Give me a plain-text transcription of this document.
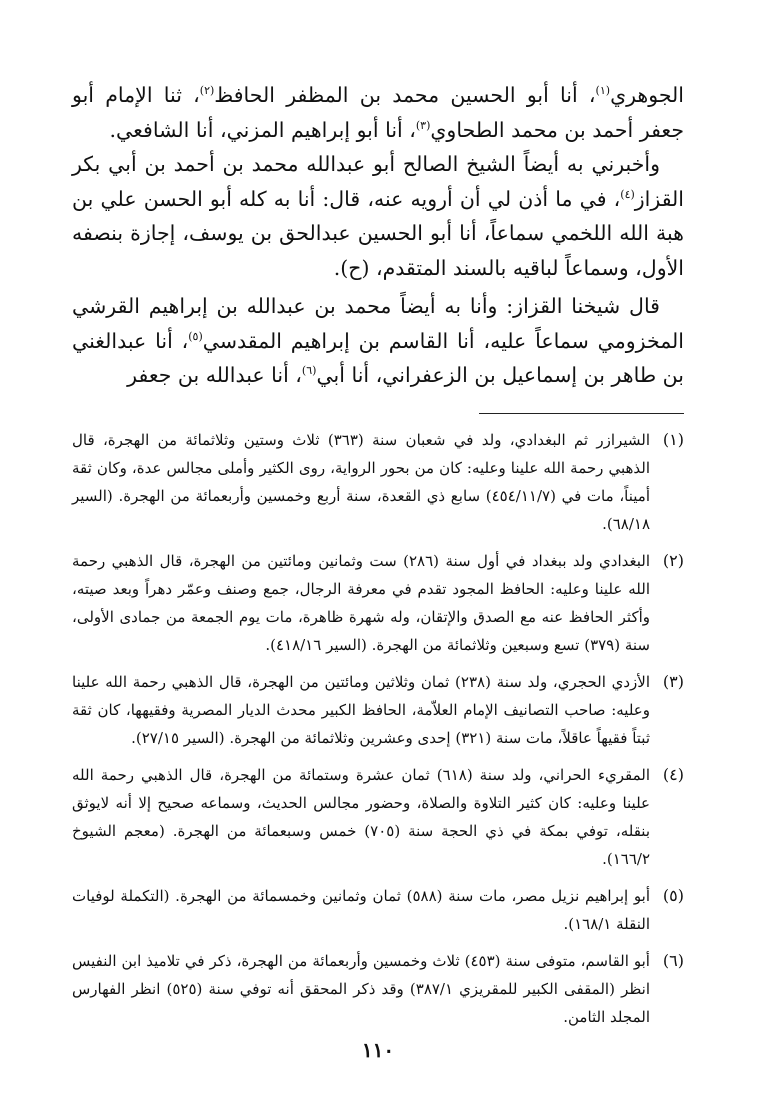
الجوهري$^{(١)}$، أنا أبو الحسين محمد بن المظفر الحافظ$^{(٢)}$، ثنا الإمام أبو جعفر أحمد بن محمد الطحاوي$^{(٣)}$، أنا أبو إبراهيم المزني، أنا الشافعي.

وأخبرني به أيضاً الشيخ الصالح أبو عبدالله محمد بن أحمد بن أبي بكر القزاز$^{(٤)}$، في ما أذن لي أن أرويه عنه، قال: أنا به كله أبو الحسن علي بن هبة الله اللخمي سماعاً، أنا أبو الحسين عبدالحق بن يوسف، إجازة بنصفه الأول، وسماعاً لباقيه بالسند المتقدم، (ح).

قال شيخنا القزاز: وأنا به أيضاً محمد بن عبدالله بن إبراهيم القرشي المخزومي سماعاً عليه، أنا القاسم بن إبراهيم المقدسي$^{(٥)}$، أنا عبدالغني بن طاهر بن إسماعيل بن الزعفراني، أنا أبي$^{(٦)}$، أنا عبدالله بن جعفر

(١)
الشيرازر ثم البغدادي، ولد في شعبان سنة (٣٦٣) ثلاث وستين وثلاثمائة من الهجرة، قال الذهبي رحمة الله علينا وعليه: كان من بحور الرواية، روى الكثير وأملى مجالس عدة، وكان ثقة أميناً، مات في (٤٥٤/١١/٧) سابع ذي القعدة، سنة أربع وخمسين وأربعمائة من الهجرة. (السير ٦٨/١٨).
(٢)
البغدادي ولد ببغداد في أول سنة (٢٨٦) ست وثمانين ومائتين من الهجرة، قال الذهبي رحمة الله علينا وعليه: الحافظ المجود تقدم في معرفة الرجال، جمع وصنف وعمّر دهراً وبعد صيته، وأكثر الحافظ عنه مع الصدق والإتقان، وله شهرة ظاهرة، مات يوم الجمعة من جمادى الأولى، سنة (٣٧٩) تسع وسبعين وثلاثمائة من الهجرة. (السير ٤١٨/١٦).
(٣)
الأزدي الحجري، ولد سنة (٢٣٨) ثمان وثلاثين ومائتين من الهجرة، قال الذهبي رحمة الله علينا وعليه: صاحب التصانيف الإمام العلاّمة، الحافظ الكبير محدث الديار المصرية وفقيهها، كان ثقة ثبتاً فقيهاً عاقلاً، مات سنة (٣٢١) إحدى وعشرين وثلاثمائة من الهجرة. (السير ٢٧/١٥).
(٤)
المقريء الحراني، ولد سنة (٦١٨) ثمان عشرة وستمائة من الهجرة، قال الذهبي رحمة الله علينا وعليه: كان كثير التلاوة والصلاة، وحضور مجالس الحديث، وسماعه صحيح إلا أنه لايوثق بنقله، توفي بمكة في ذي الحجة سنة (٧٠٥) خمس وسبعمائة من الهجرة. (معجم الشيوخ ١٦٦/٢).
(٥)
أبو إبراهيم نزيل مصر، مات سنة (٥٨٨) ثمان وثمانين وخمسمائة من الهجرة. (التكملة لوفيات النقلة ١٦٨/١).
(٦)
أبو القاسم، متوفى سنة (٤٥٣) ثلاث وخمسين وأربعمائة من الهجرة، ذكر في تلاميذ ابن النفيس انظر (المقفى الكبير للمقريزي ٣٨٧/١) وقد ذكر المحقق أنه توفي سنة (٥٢٥) انظر الفهارس المجلد الثامن.
١١٠
